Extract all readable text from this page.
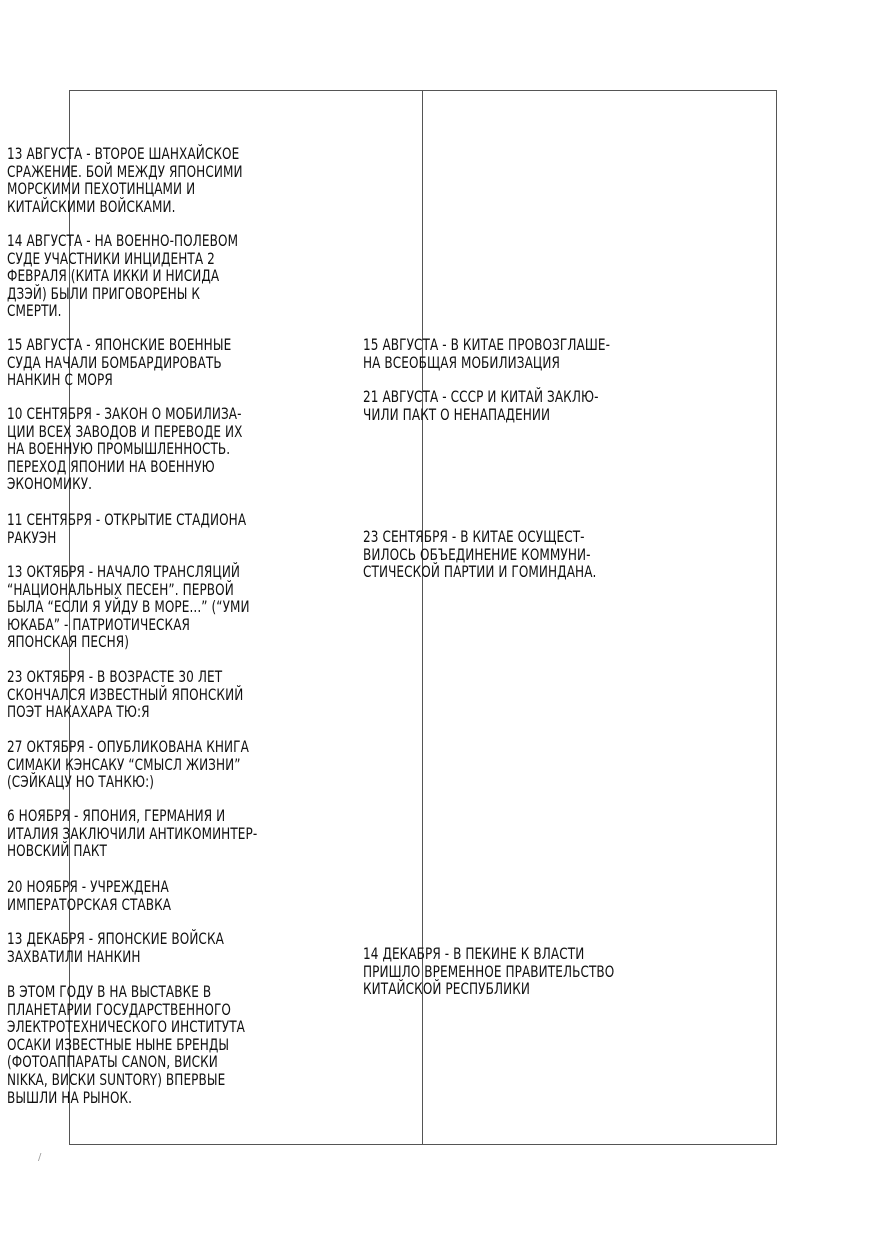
13 АВГУСТА - ВТОРОЕ ШАНХАЙСКОЕ
СРАЖЕНИЕ. БОЙ МЕЖДУ ЯПОНСИМИ
МОРСКИМИ ПЕХОТИНЦАМИ И
КИТАЙСКИМИ ВОЙСКАМИ.

14 АВГУСТА - НА ВОЕННО-ПОЛЕВОМ
СУДЕ УЧАСТНИКИ ИНЦИДЕНТА 2
ФЕВРАЛЯ (КИТА ИККИ И НИСИДА
ДЗЭЙ) БЫЛИ ПРИГОВОРЕНЫ К
СМЕРТИ.

15 АВГУСТА - ЯПОНСКИЕ ВОЕННЫЕ
СУДА НАЧАЛИ БОМБАРДИРОВАТЬ
НАНКИН С МОРЯ

10 СЕНТЯБРЯ - ЗАКОН О МОБИЛИЗА-
ЦИИ ВСЕХ ЗАВОДОВ И ПЕРЕВОДЕ ИХ
НА ВОЕННУЮ ПРОМЫШЛЕННОСТЬ.
ПЕРЕХОД ЯПОНИИ НА ВОЕННУЮ
ЭКОНОМИКУ.

11 СЕНТЯБРЯ - ОТКРЫТИЕ СТАДИОНА
РАКУЭН

13 ОКТЯБРЯ - НАЧАЛО ТРАНСЛЯЦИЙ
“НАЦИОНАЛЬНЫХ ПЕСЕН”. ПЕРВОЙ
БЫЛА “ЕСЛИ Я УЙДУ В МОРЕ...” (“УМИ
ЮКАБА” - ПАТРИОТИЧЕСКАЯ
ЯПОНСКАЯ ПЕСНЯ)

23 ОКТЯБРЯ - В ВОЗРАСТЕ 30 ЛЕТ
СКОНЧАЛСЯ ИЗВЕСТНЫЙ ЯПОНСКИЙ
ПОЭТ НАКАХАРА ТЮ:Я

27 ОКТЯБРЯ - ОПУБЛИКОВАНА КНИГА
СИМАКИ КЭНСАКУ “СМЫСЛ ЖИЗНИ”
(СЭЙКАЦУ НО ТАНКЮ:)

6 НОЯБРЯ - ЯПОНИЯ, ГЕРМАНИЯ И
ИТАЛИЯ ЗАКЛЮЧИЛИ АНТИКОМИНТЕР-
НОВСКИЙ ПАКТ

20 НОЯБРЯ - УЧРЕЖДЕНА
ИМПЕРАТОРСКАЯ СТАВКА

13 ДЕКАБРЯ - ЯПОНСКИЕ ВОЙСКА
ЗАХВАТИЛИ НАНКИН

В ЭТОМ ГОДУ В НА ВЫСТАВКЕ В
ПЛАНЕТАРИИ ГОСУДАРСТВЕННОГО
ЭЛЕКТРОТЕХНИЧЕСКОГО ИНСТИТУТА
ОСАКИ ИЗВЕСТНЫЕ НЫНЕ БРЕНДЫ
(ФОТОАППАРАТЫ CANON, ВИСКИ
NIKKA, ВИСКИ SUNTORY) ВПЕРВЫЕ
ВЫШЛИ НА РЫНОК.

15 АВГУСТА - В КИТАЕ ПРОВОЗГЛАШЕ-
НА ВСЕОБЩАЯ МОБИЛИЗАЦИЯ

21 АВГУСТА - СССР И КИТАЙ ЗАКЛЮ-
ЧИЛИ ПАКТ О НЕНАПАДЕНИИ

23 СЕНТЯБРЯ - В КИТАЕ ОСУЩЕСТ-
ВИЛОСЬ ОБЪЕДИНЕНИЕ КОММУНИ-
СТИЧЕСКОЙ ПАРТИИ И ГОМИНДАНА.

14 ДЕКАБРЯ - В ПЕКИНЕ К ВЛАСТИ
ПРИШЛО ВРЕМЕННОЕ ПРАВИТЕЛЬСТВО
КИТАЙСКОЙ РЕСПУБЛИКИ

/
